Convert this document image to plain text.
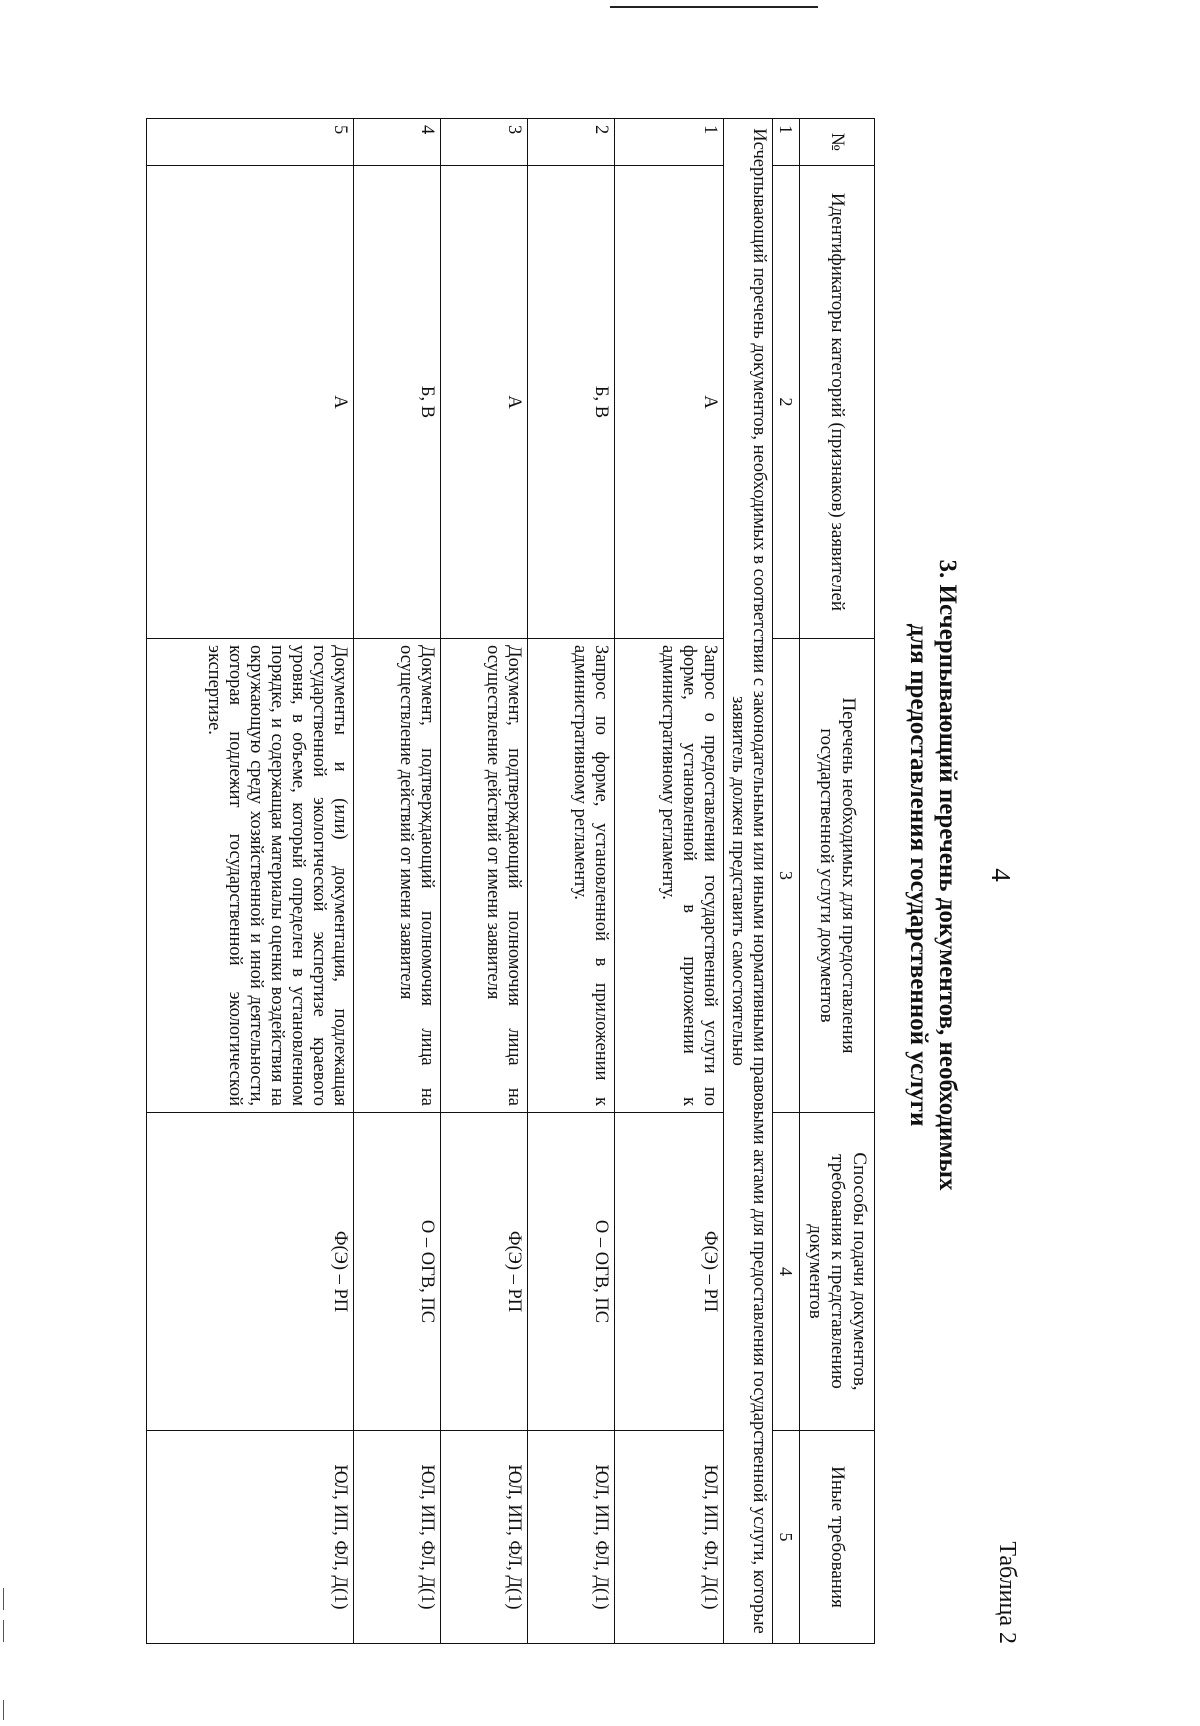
4
Таблица 2
3. Исчерпывающий перечень документов, необходимых
для предоставления государственной услуги
№	Идентификаторы категорий (признаков) заявителей	Перечень необходимых для предоставления государственной услуги документов	Способы подачи документов, требования к представлению документов	Иные требования
1	2	3	4	5
Исчерпывающий перечень документов, необходимых в соответствии с законодательными или иными нормативными правовыми актами для предоставления государственной услуги, которые заявитель должен представить самостоятельно				
1	А	Запрос о предоставлении государственной услуги по форме, установленной в приложении к административному регламенту.	Ф(Э) – РП	ЮЛ, ИП, ФЛ, Д(1)
2	Б, В	Запрос по форме, установленной в приложении к административному регламенту.	О – ОГВ, ПС	ЮЛ, ИП, ФЛ, Д(1)
3	А	Документ, подтверждающий полномочия лица на осуществление действий от имени заявителя	Ф(Э) – РП	ЮЛ, ИП, ФЛ, Д(1)
4	Б, В	Документ, подтверждающий полномочия лица на осуществление действий от имени заявителя	О – ОГВ, ПС	ЮЛ, ИП, ФЛ, Д(1)
5	А	Документы и (или) документация, подлежащая государственной экологической экспертизе краевого уровня, в объеме, который определен в установленном порядке, и содержащая материалы оценки воздействия на окружающую среду хозяйственной и иной деятельности, которая подлежит государственной экологической экспертизе.	Ф(Э) – РП	ЮЛ, ИП, ФЛ, Д(1)
